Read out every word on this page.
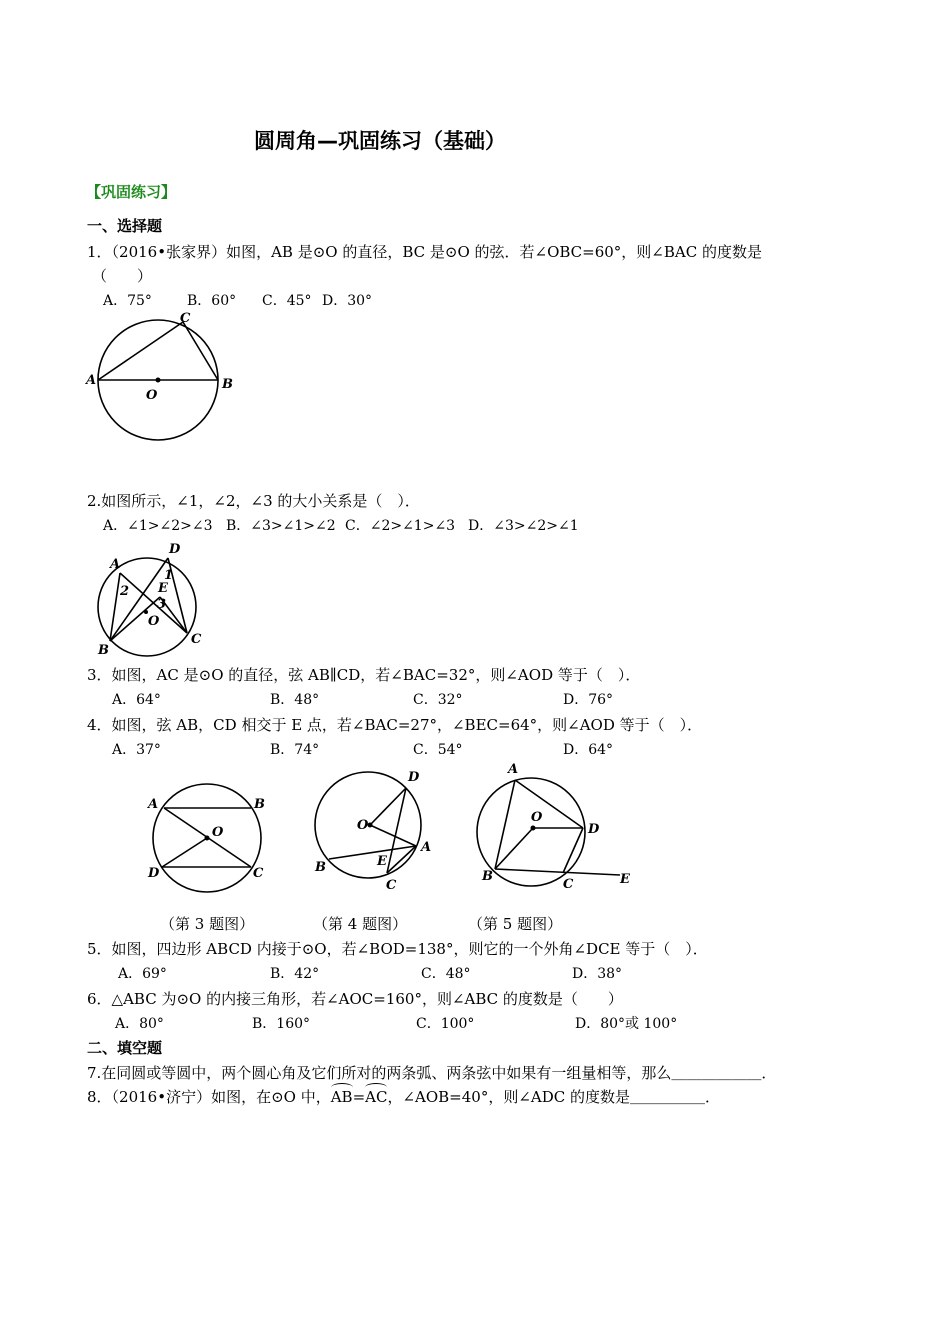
圆周角—巩固练习（基础）
【巩固练习】
一、选择题
1．（2016•张家界）如图，AB 是⊙O 的直径，BC 是⊙O 的弦．若∠OBC=60°，则∠BAC 的度数是
（　　）
A．75°	B．60° C．45° D．30°
2.如图所示，∠1，∠2，∠3 的大小关系是（　）．
A．∠1>∠2>∠3 B．∠3>∠1>∠2 C．∠2>∠1>∠3 D．∠3>∠2>∠1
3．如图，AC 是⊙O 的直径，弦 AB∥CD，若∠BAC=32°，则∠AOD 等于（　）．
A．64°	B．48°	C．32°	D．76°
4．如图，弦 AB，CD 相交于 E 点，若∠BAC=27°，∠BEC=64°，则∠AOD 等于（　）．
A．37°	B．74°	C．54°	D．64°
（第 3 题图）	（第 4 题图）	（第 5 题图）
5．如图，四边形 ABCD 内接于⊙O，若∠BOD=138°，则它的一个外角∠DCE 等于（　）．
A．69°	B．42°	C．48°	D．38°
6．△ABC 为⊙O 的内接三角形，若∠AOC=160°，则∠ABC 的度数是（　　）
A．80°	B．160°	C．100°	D．80°或 100°
二、填空题
7.在同圆或等圆中，两个圆心角及它们所对的两条弧、两条弦中如果有一组量相等，那么＿＿＿＿＿＿．
8．（2016•济宁）如图，在⊙O 中，AB=AC，∠AOB=40°，则∠ADC 的度数是＿＿＿＿＿．
A	B
C
O
A
D
B
C
E
O
1
2
3
A	B
C
D
O	O
D
A
B
C
E
A
D
O
B
C	E
